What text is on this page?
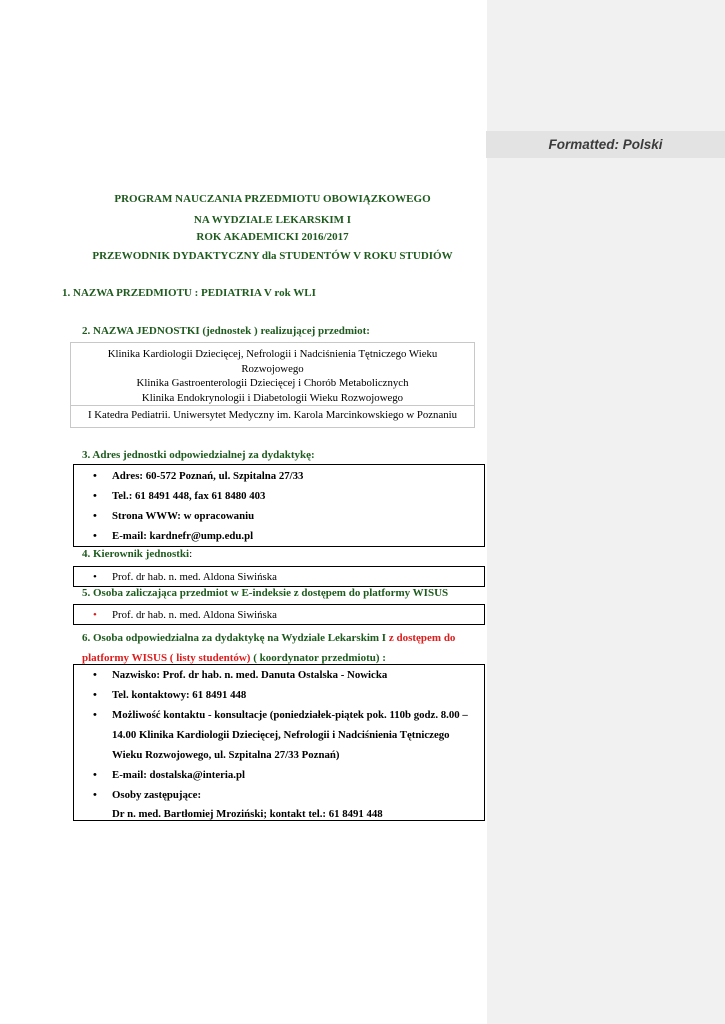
Formatted: Polski

PROGRAM NAUCZANIA PRZEDMIOTU OBOWIĄZKOWEGO

NA WYDZIALE LEKARSKIM I

ROK AKADEMICKI 2016/2017

PRZEWODNIK DYDAKTYCZNY dla STUDENTÓW V ROKU STUDIÓW

1. NAZWA PRZEDMIOTU : PEDIATRIA V rok WLI

2. NAZWA JEDNOSTKI (jednostek ) realizującej przedmiot:

Klinika Kardiologii Dziecięcej, Nefrologii i Nadciśnienia Tętniczego Wieku

Rozwojowego

Klinika Gastroenterologii Dziecięcej i Chorób Metabolicznych

Klinika Endokrynologii i Diabetologii Wieku Rozwojowego

I Katedra Pediatrii. Uniwersytet Medyczny im. Karola Marcinkowskiego w Poznaniu

3. Adres jednostki odpowiedzialnej za dydaktykę:

• Adres: 60-572 Poznań, ul. Szpitalna 27/33
• Tel.: 61 8491 448, fax 61 8480 403
• Strona WWW: w opracowaniu
• E-mail: kardnefr@ump.edu.pl

4. Kierownik jednostki:

• Prof. dr hab. n. med. Aldona Siwińska

5. Osoba zaliczająca przedmiot w E-indeksie z dostępem do platformy WISUS

• Prof. dr hab. n. med. Aldona Siwińska

6. Osoba odpowiedzialna za dydaktykę na Wydziale Lekarskim I z dostępem do
platformy WISUS ( listy studentów) ( koordynator przedmiotu) :

• Nazwisko: Prof. dr hab. n. med. Danuta Ostalska - Nowicka
• Tel. kontaktowy: 61 8491 448
• Możliwość kontaktu - konsultacje (poniedziałek-piątek pok. 110b godz. 8.00 – 14.00 Klinika Kardiologii Dziecięcej, Nefrologii i Nadciśnienia Tętniczego Wieku Rozwojowego, ul. Szpitalna 27/33 Poznań)
• E-mail: dostalska@interia.pl
• Osoby zastępujące:
Dr n. med. Bartłomiej Mroziński; kontakt tel.: 61 8491 448
